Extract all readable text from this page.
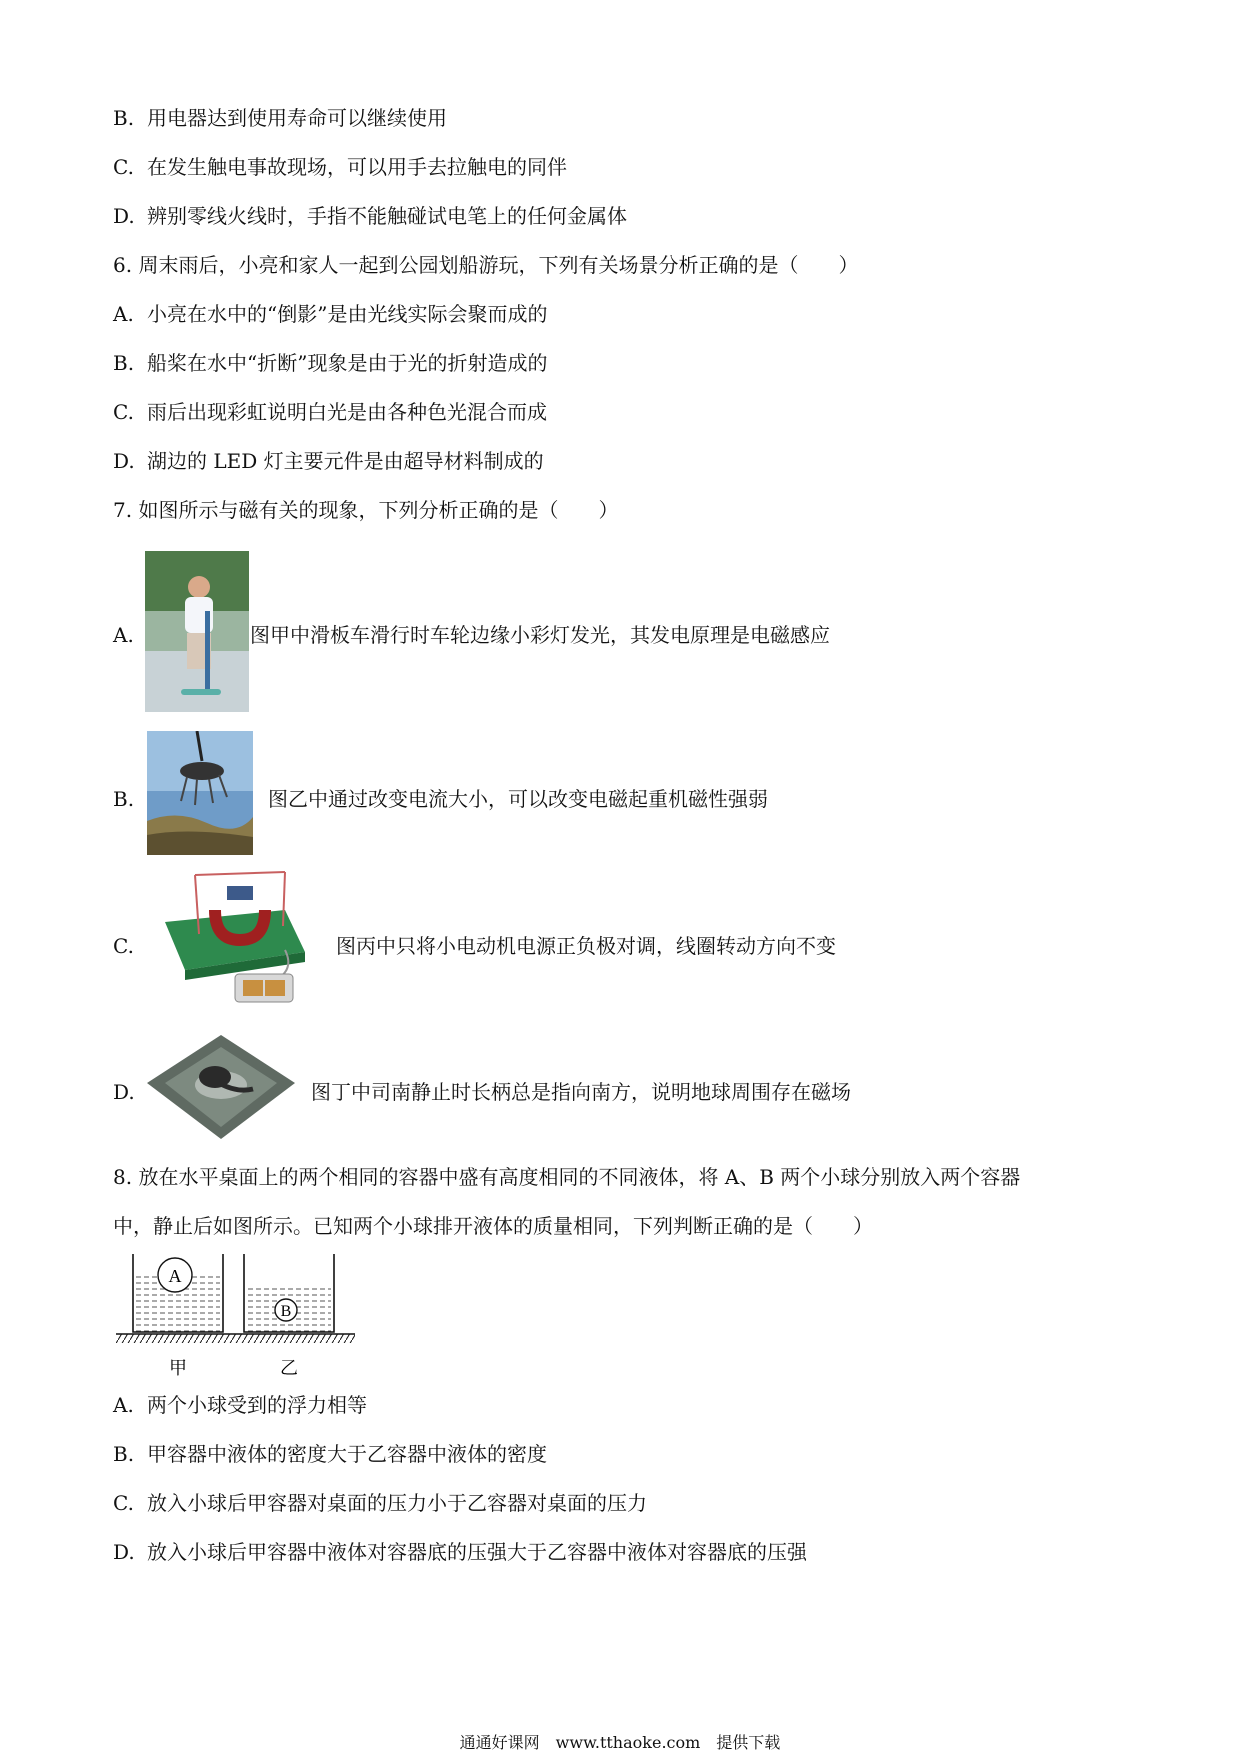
B. 用电器达到使用寿命可以继续使用
C. 在发生触电事故现场，可以用手去拉触电的同伴
D. 辨别零线火线时，手指不能触碰试电笔上的任何金属体
6. 周末雨后，小亮和家人一起到公园划船游玩，下列有关场景分析正确的是（　　）
A. 小亮在水中的“倒影”是由光线实际会聚而成的
B. 船桨在水中“折断”现象是由于光的折射造成的
C. 雨后出现彩虹说明白光是由各种色光混合而成
D. 湖边的 LED 灯主要元件是由超导材料制成的
7. 如图所示与磁有关的现象，下列分析正确的是（　　）
A.	图甲中滑板车滑行时车轮边缘小彩灯发光，其发电原理是电磁感应
B.	图乙中通过改变电流大小，可以改变电磁起重机磁性强弱
C.	图丙中只将小电动机电源正负极对调，线圈转动方向不变
D.	图丁中司南静止时长柄总是指向南方，说明地球周围存在磁场
8. 放在水平桌面上的两个相同的容器中盛有高度相同的不同液体，将 A、B 两个小球分别放入两个容器
中，静止后如图所示。已知两个小球排开液体的质量相同，下列判断正确的是（　　）
A
B
甲	乙
A. 两个小球受到的浮力相等
B. 甲容器中液体的密度大于乙容器中液体的密度
C. 放入小球后甲容器对桌面的压力小于乙容器对桌面的压力
D. 放入小球后甲容器中液体对容器底的压强大于乙容器中液体对容器底的压强
通通好课网　www.tthaoke.com　提供下载
